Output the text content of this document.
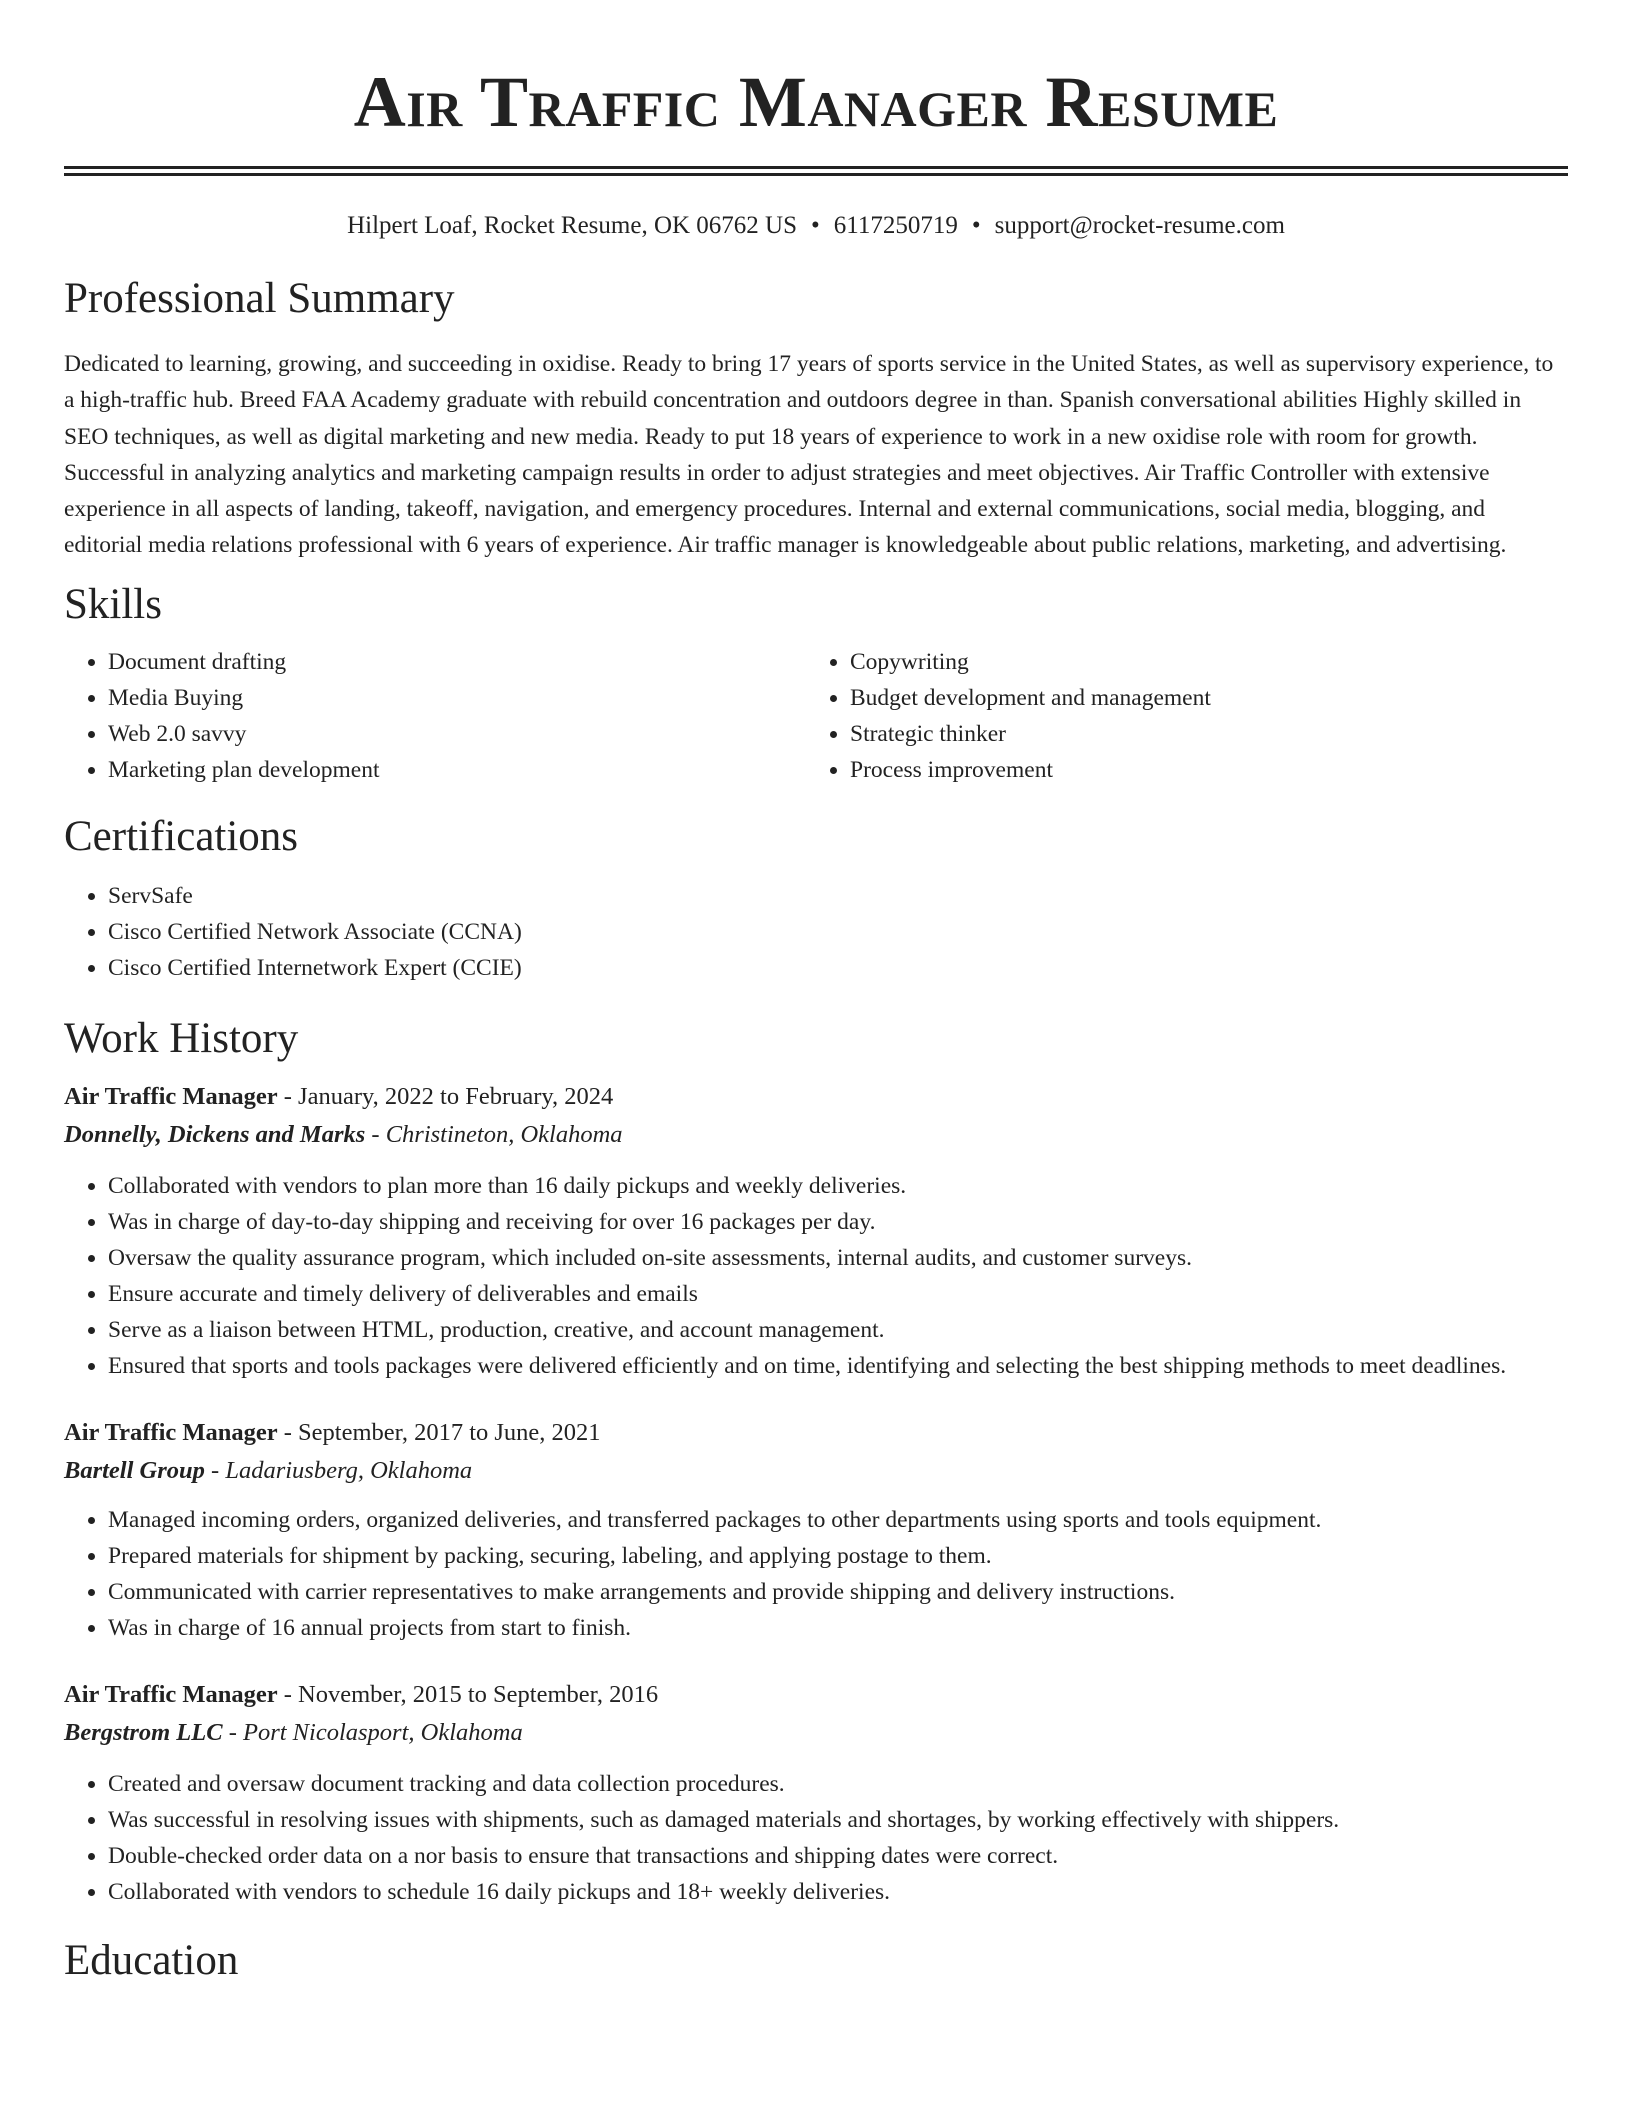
Air Traffic Manager Resume
Hilpert Loaf, Rocket Resume, OK 06762 US • 6117250719 • support@rocket-resume.com
Professional Summary

Dedicated to learning, growing, and succeeding in oxidise. Ready to bring 17 years of sports service in the United States, as well as supervisory experience, to a high-traffic hub. Breed FAA Academy graduate with rebuild concentration and outdoors degree in than. Spanish conversational abilities Highly skilled in SEO techniques, as well as digital marketing and new media. Ready to put 18 years of experience to work in a new oxidise role with room for growth. Successful in analyzing analytics and marketing campaign results in order to adjust strategies and meet objectives. Air Traffic Controller with extensive experience in all aspects of landing, takeoff, navigation, and emergency procedures. Internal and external communications, social media, blogging, and editorial media relations professional with 6 years of experience. Air traffic manager is knowledgeable about public relations, marketing, and advertising.

Skills
• Document drafting
• Media Buying
• Web 2.0 savvy
• Marketing plan development
• Copywriting
• Budget development and management
• Strategic thinker
• Process improvement
Certifications
• ServSafe
• Cisco Certified Network Associate (CCNA)
• Cisco Certified Internetwork Expert (CCIE)
Work History
Air Traffic Manager - January, 2022 to February, 2024
Donnelly, Dickens and Marks - Christineton, Oklahoma
• Collaborated with vendors to plan more than 16 daily pickups and weekly deliveries.
• Was in charge of day-to-day shipping and receiving for over 16 packages per day.
• Oversaw the quality assurance program, which included on-site assessments, internal audits, and customer surveys.
• Ensure accurate and timely delivery of deliverables and emails
• Serve as a liaison between HTML, production, creative, and account management.
• Ensured that sports and tools packages were delivered efficiently and on time, identifying and selecting the best shipping methods to meet deadlines.
Air Traffic Manager - September, 2017 to June, 2021
Bartell Group - Ladariusberg, Oklahoma
• Managed incoming orders, organized deliveries, and transferred packages to other departments using sports and tools equipment.
• Prepared materials for shipment by packing, securing, labeling, and applying postage to them.
• Communicated with carrier representatives to make arrangements and provide shipping and delivery instructions.
• Was in charge of 16 annual projects from start to finish.
Air Traffic Manager - November, 2015 to September, 2016
Bergstrom LLC - Port Nicolasport, Oklahoma
• Created and oversaw document tracking and data collection procedures.
• Was successful in resolving issues with shipments, such as damaged materials and shortages, by working effectively with shippers.
• Double-checked order data on a nor basis to ensure that transactions and shipping dates were correct.
• Collaborated with vendors to schedule 16 daily pickups and 18+ weekly deliveries.
Education
